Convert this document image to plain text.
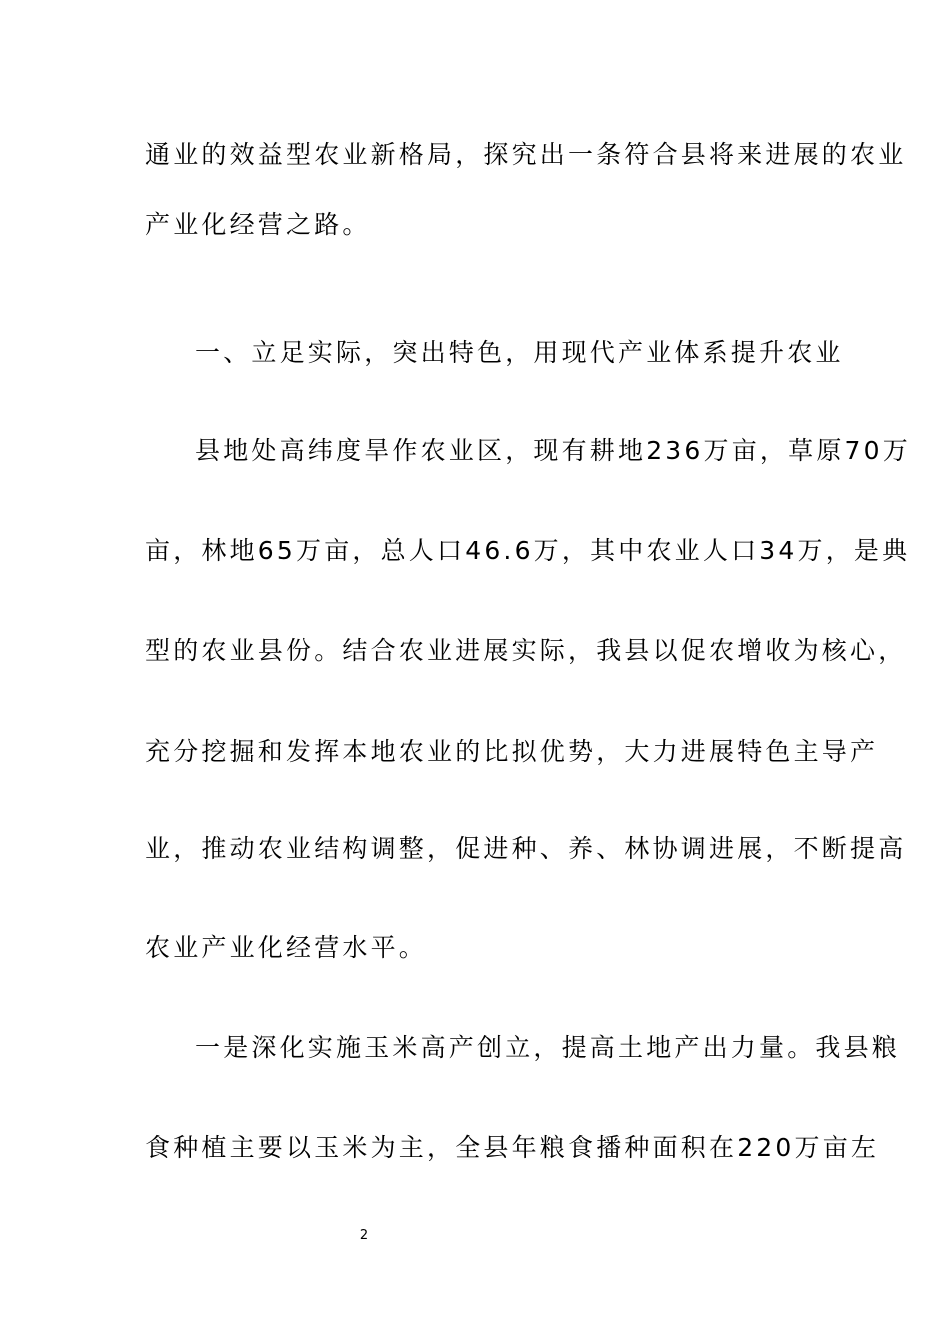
通业的效益型农业新格局，探究出一条符合县将来进展的农业
产业化经营之路。
一、立足实际，突出特色，用现代产业体系提升农业
县地处高纬度旱作农业区，现有耕地236万亩，草原70万
亩，林地65万亩，总人口46.6万，其中农业人口34万，是典
型的农业县份。结合农业进展实际，我县以促农增收为核心，
充分挖掘和发挥本地农业的比拟优势，大力进展特色主导产
业，推动农业结构调整，促进种、养、林协调进展，不断提高
农业产业化经营水平。
一是深化实施玉米高产创立，提高土地产出力量。我县粮
食种植主要以玉米为主，全县年粮食播种面积在220万亩左
2
